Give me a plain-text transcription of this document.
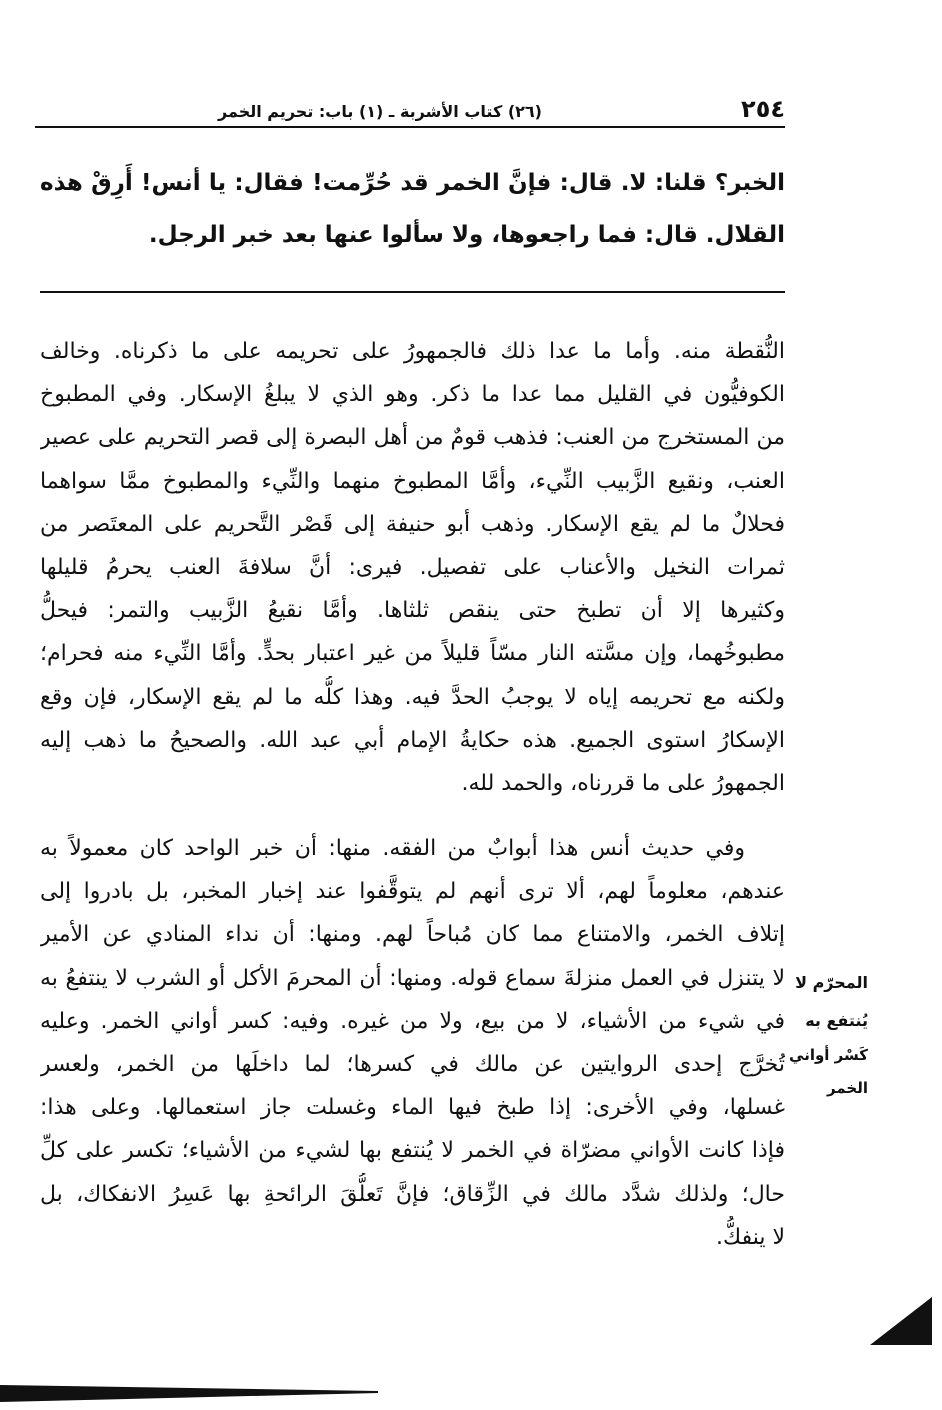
٢٥٤
(٢٦) كتاب الأشربة ـ (١) باب: تحريم الخمر
الخبر؟ قلنا: لا. قال: فإنَّ الخمر قد حُرِّمت! فقال: يا أنس! أَرِقْ هذه
القلال. قال: فما راجعوها، ولا سألوا عنها بعد خبر الرجل.
النُّقطة منه. وأما ما عدا ذلك فالجمهورُ على تحريمه على ما ذكرناه. وخالف
الكوفيُّون في القليل مما عدا ما ذكر. وهو الذي لا يبلغُ الإسكار. وفي المطبوخ
من المستخرج من العنب: فذهب قومٌ من أهل البصرة إلى قصر التحريم على عصير
العنب، ونقيع الزَّبيب النِّيء، وأمَّا المطبوخ منهما والنِّيء والمطبوخ ممَّا سواهما
فحلالٌ ما لم يقع الإسكار. وذهب أبو حنيفة إلى قَصْر التَّحريم على المعتَصر من
ثمرات النخيل والأعناب على تفصيل. فيرى: أنَّ سلافةَ العنب يحرمُ قليلها
وكثيرها إلا أن تطبخ حتى ينقص ثلثاها. وأمَّا نقيعُ الزَّبيب والتمر: فيحلُّ
مطبوخُهما، وإن مسَّته النار مسّاً قليلاً من غير اعتبار بحدٍّ. وأمَّا النِّيء منه فحرام؛
ولكنه مع تحريمه إياه لا يوجبُ الحدَّ فيه. وهذا كلُّه ما لم يقع الإسكار، فإن وقع
الإسكارُ استوى الجميع. هذه حكايةُ الإمام أبي عبد الله. والصحيحُ ما ذهب إليه
الجمهورُ على ما قررناه، والحمد لله.
وفي حديث أنس هذا أبوابٌ من الفقه. منها: أن خبر الواحد كان معمولاً به
عندهم، معلوماً لهم، ألا ترى أنهم لم يتوقَّفوا عند إخبار المخبر، بل بادروا إلى
إتلاف الخمر، والامتناع مما كان مُباحاً لهم. ومنها: أن نداء المنادي عن الأمير
لا يتنزل في العمل منزلةَ سماع قوله. ومنها: أن المحرمَ الأكل أو الشرب لا ينتفعُ به
في شيء من الأشياء، لا من بيع، ولا من غيره. وفيه: كسر أواني الخمر. وعليه
تُخرَّج إحدى الروايتين عن مالك في كسرها؛ لما داخلَها من الخمر، ولعسر
غسلها، وفي الأخرى: إذا طبخ فيها الماء وغسلت جاز استعمالها. وعلى هذا:
فإذا كانت الأواني مضرّاة في الخمر لا يُنتفع بها لشيء من الأشياء؛ تكسر على كلِّ
حال؛ ولذلك شدَّد مالك في الزِّقاق؛ فإنَّ تَعلُّقَ الرائحةِ بها عَسِرُ الانفكاك، بل
لا ينفكُّ.
المحرّم لا
يُنتفع به
كَسْر أواني
الخمر
